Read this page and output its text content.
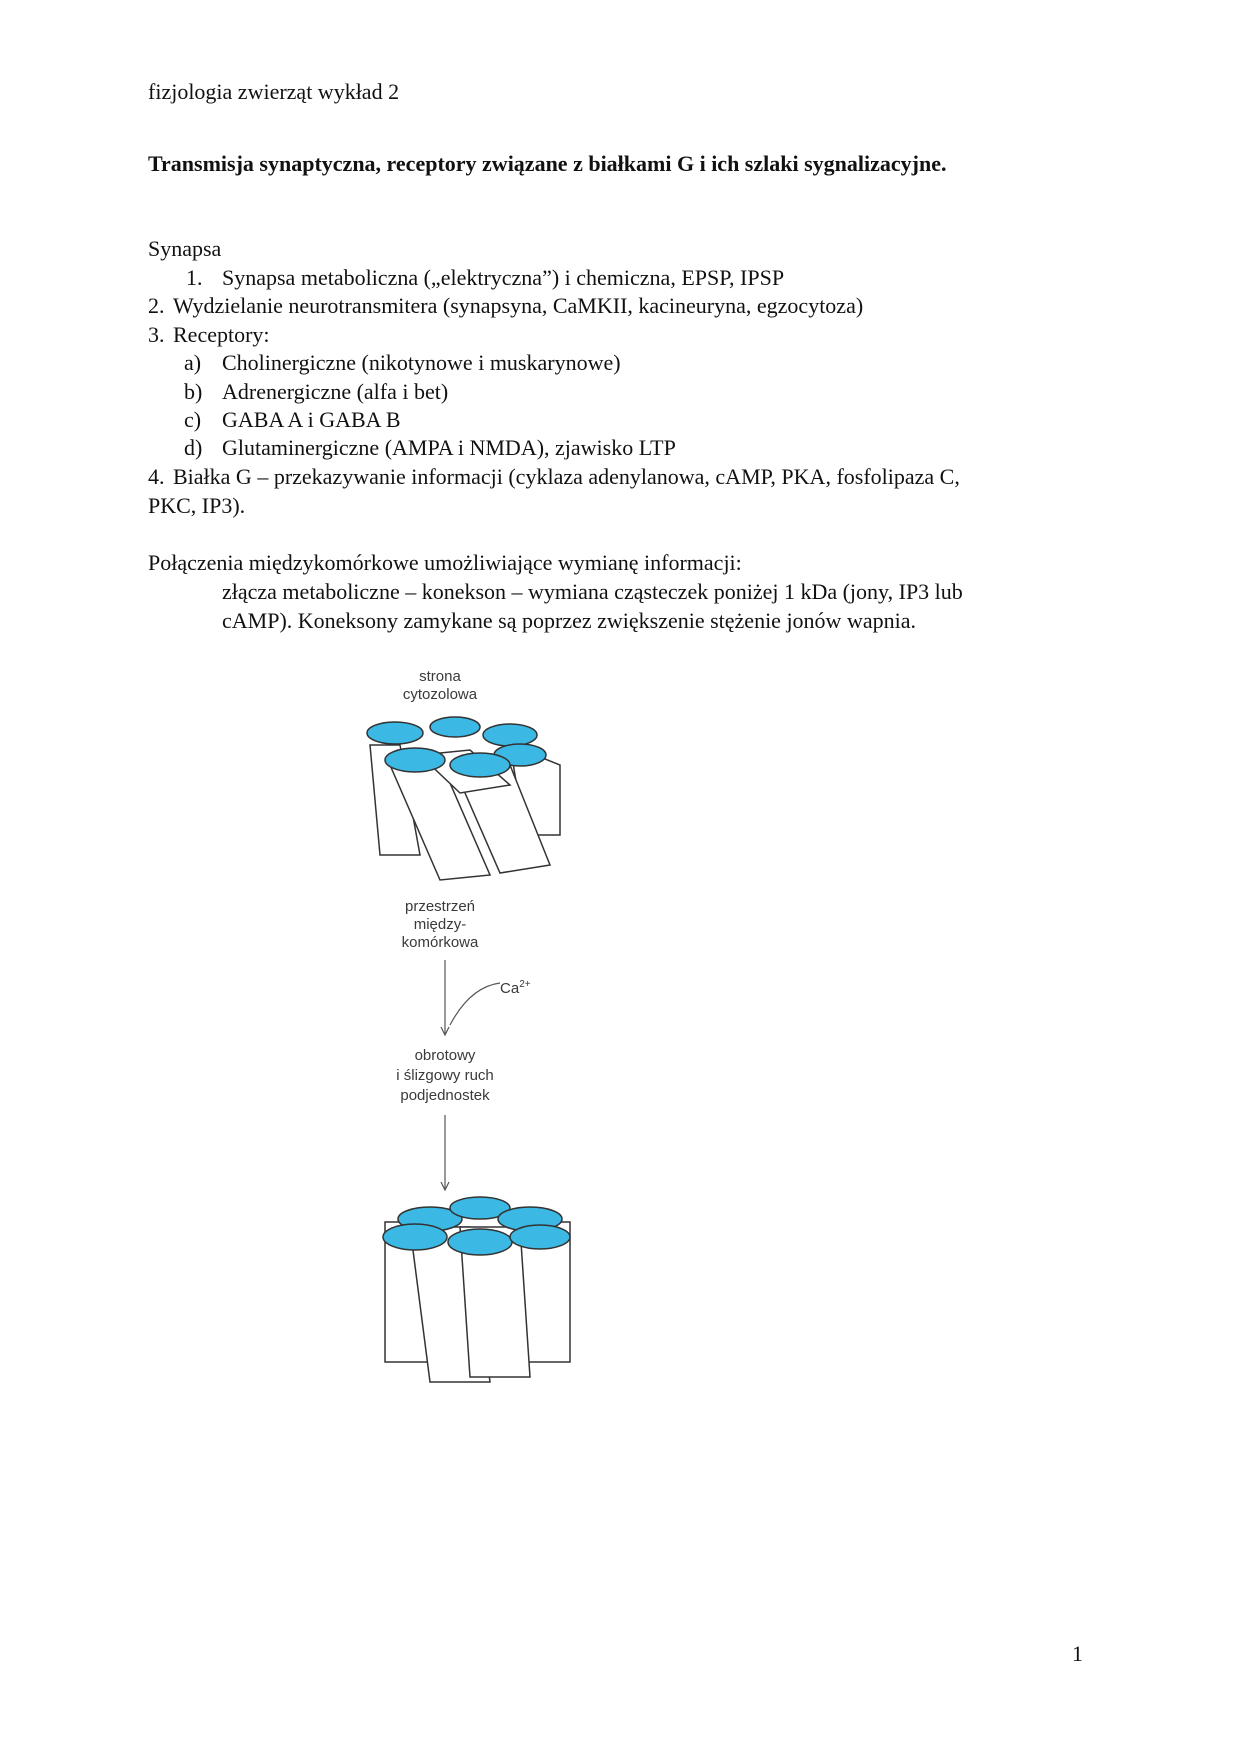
fizjologia zwierząt wykład 2
Transmisja synaptyczna, receptory związane z białkami G i ich szlaki sygnalizacyjne.
Synapsa
1. Synapsa metaboliczna („elektryczna”) i chemiczna, EPSP, IPSP
2. Wydzielanie neurotransmitera (synapsyna, CaMKII, kacineuryna, egzocytoza)
3. Receptory:
a) Cholinergiczne (nikotynowe i muskarynowe)
b) Adrenergiczne (alfa i bet)
c) GABA A i GABA B
d) Glutaminergiczne (AMPA i NMDA), zjawisko LTP
4. Białka G – przekazywanie informacji (cyklaza adenylanowa, cAMP, PKA, fosfolipaza C,
PKC, IP3).
Połączenia międzykomórkowe umożliwiające wymianę informacji:
złącza metaboliczne – konekson – wymiana cząsteczek poniżej 1 kDa (jony, IP3 lub
cAMP). Koneksony zamykane są poprzez zwiększenie stężenie jonów wapnia.
strona
cytozolowa
przestrzeń
między-
komórkowa
$Ca^{2+}$
obrotowy
i ślizgowy ruch
podjednostek
1
